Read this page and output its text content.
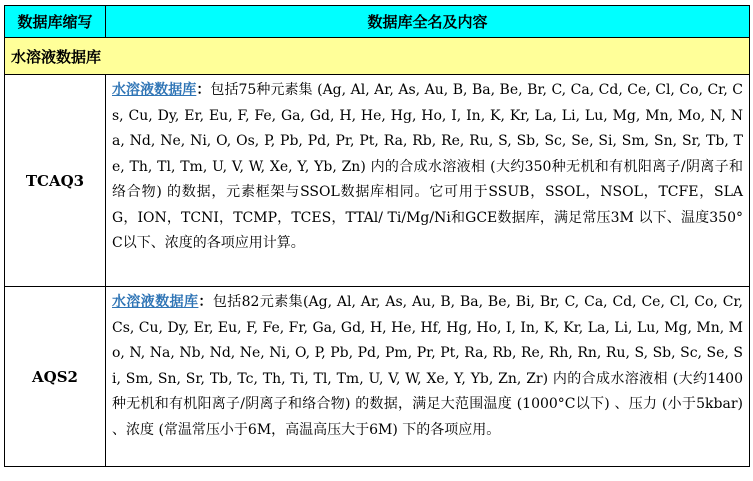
数据库缩写	数据库全名及内容
水溶液数据库	
TCAQ3	水溶液数据库：包括75种元素集 (Ag, Al, Ar, As, Au, B, Ba, Be, Br, C, Ca, Cd, Ce, Cl, Co, Cr, Cs, Cu, Dy, Er, Eu, F, Fe, Ga, Gd, H, He, Hg, Ho, I, In, K, Kr, La, Li, Lu, Mg, Mn, Mo, N, Na, Nd, Ne, Ni, O, Os, P, Pb, Pd, Pr, Pt, Ra, Rb, Re, Ru, S, Sb, Sc, Se, Si, Sm, Sn, Sr, Tb, Te, Th, Tl, Tm, U, V, W, Xe, Y, Yb, Zn) 内的合成水溶液相 (大约350种无机和有机阳离子/阴离子和络合物) 的数据，元素框架与SSOL数据库相同。它可用于SSUB，SSOL，NSOL，TCFE，SLAG，ION，TCNI，TCMP，TCES，TTAl/ Ti/Mg/Ni和GCE数据库，满足常压3M 以下、温度350°C以下、浓度的各项应用计算。
AQS2	水溶液数据库：包括82元素集(Ag, Al, Ar, As, Au, B, Ba, Be, Bi, Br, C, Ca, Cd, Ce, Cl, Co, Cr, Cs, Cu, Dy, Er, Eu, F, Fe, Fr, Ga, Gd, H, He, Hf, Hg, Ho, I, In, K, Kr, La, Li, Lu, Mg, Mn, Mo, N, Na, Nb, Nd, Ne, Ni, O, P, Pb, Pd, Pm, Pr, Pt, Ra, Rb, Re, Rh, Rn, Ru, S, Sb, Sc, Se, Si, Sm, Sn, Sr, Tb, Tc, Th, Ti, Tl, Tm, U, V, W, Xe, Y, Yb, Zn, Zr) 内的合成水溶液相 (大约1400种无机和有机阳离子/阴离子和络合物) 的数据，满足大范围温度 (1000°C以下) 、压力 (小于5kbar) 、浓度 (常温常压小于6M，高温高压大于6M) 下的各项应用。
